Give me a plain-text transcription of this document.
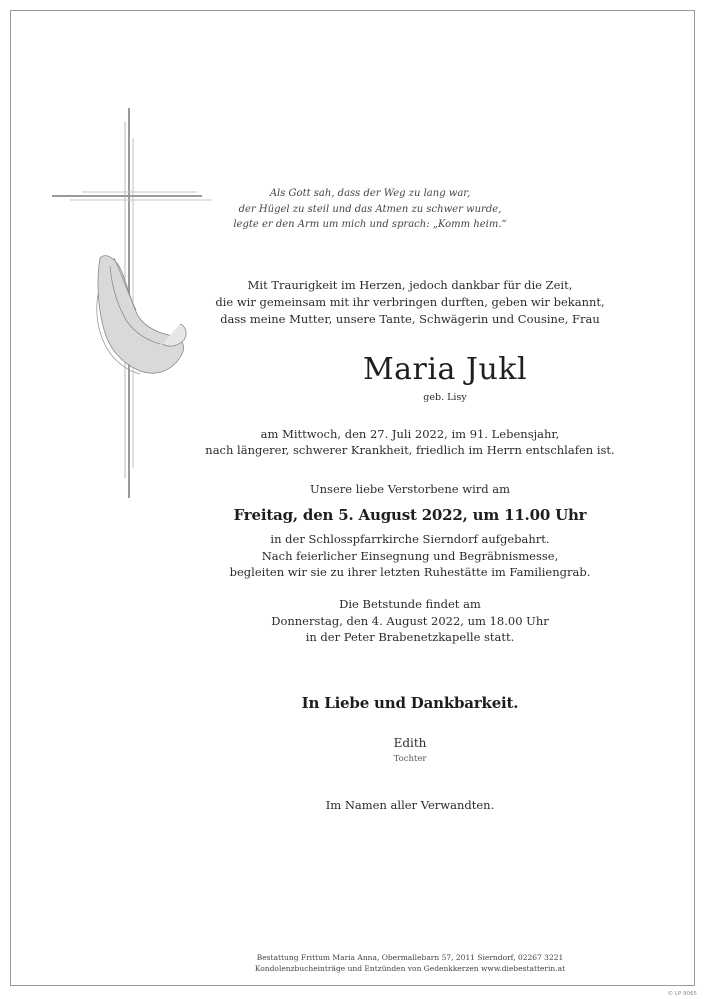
Als Gott sah, dass der Weg zu lang war,
der Hügel zu steil und das Atmen zu schwer wurde,
legte er den Arm um mich und sprach: „Komm heim.“
Mit Traurigkeit im Herzen, jedoch dankbar für die Zeit,
die wir gemeinsam mit ihr verbringen durften, geben wir bekannt,
dass meine Mutter, unsere Tante, Schwägerin und Cousine, Frau
Maria Jukl
geb. Lisy
am Mittwoch, den 27. Juli 2022, im 91. Lebensjahr,
nach längerer, schwerer Krankheit, friedlich im Herrn entschlafen ist.
Unsere liebe Verstorbene wird am
Freitag, den 5. August 2022, um 11.00 Uhr
in der Schlosspfarrkirche Sierndorf aufgebahrt.
Nach feierlicher Einsegnung und Begräbnismesse,
begleiten wir sie zu ihrer letzten Ruhestätte im Familiengrab.
Die Betstunde findet am
Donnerstag, den 4. August 2022, um 18.00 Uhr
in der Peter Brabenetzkapelle statt.
In Liebe und Dankbarkeit.
Edith
Tochter
Im Namen aller Verwandten.
Bestattung Frittum Maria Anna, Obermallebarn 57, 2011 Sierndorf, 02267 3221
Kondolenzbucheinträge und Entzünden von Gedenkkerzen www.diebestatterin.at
© LP 9065
